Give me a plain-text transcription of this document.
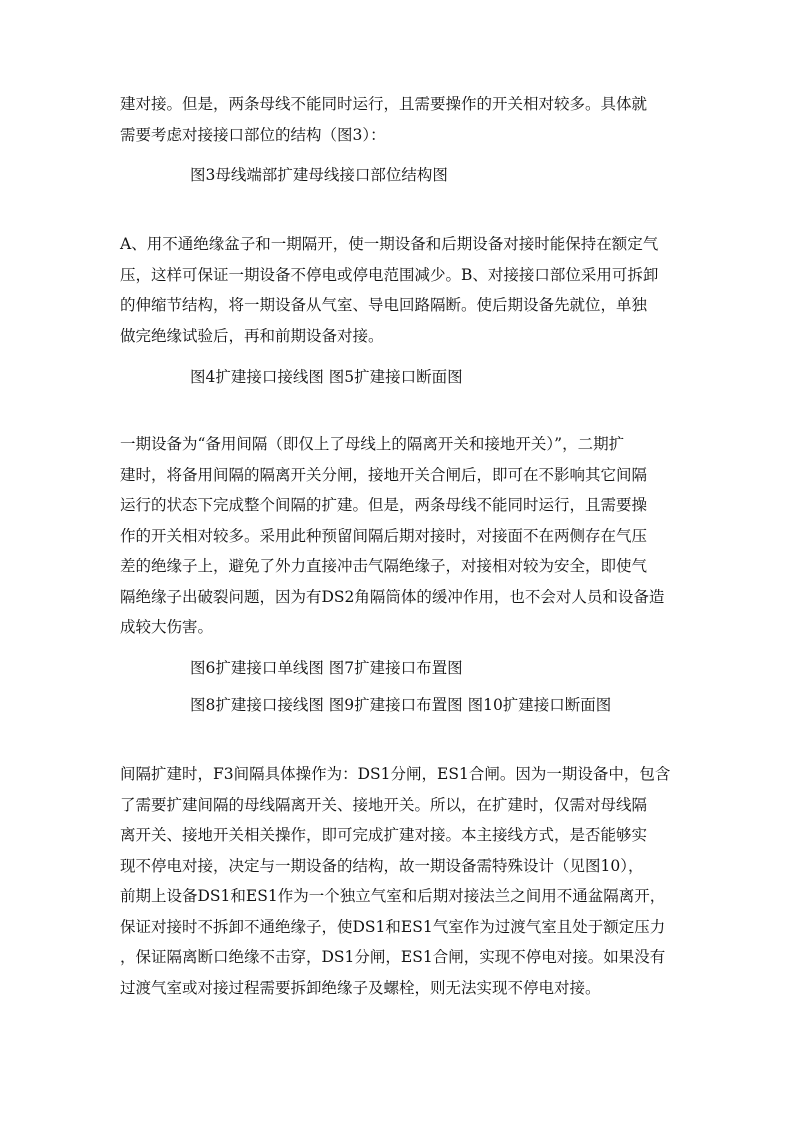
建对接。但是，两条母线不能同时运行，且需要操作的开关相对较多。具体就
需要考虑对接接口部位的结构（图3）：
图3母线端部扩建母线接口部位结构图
A、用不通绝缘盆子和一期隔开，使一期设备和后期设备对接时能保持在额定气
压，这样可保证一期设备不停电或停电范围减少。B、对接接口部位采用可拆卸
的伸缩节结构，将一期设备从气室、导电回路隔断。使后期设备先就位，单独
做完绝缘试验后，再和前期设备对接。
图4扩建接口接线图 图5扩建接口断面图
一期设备为“备用间隔（即仅上了母线上的隔离开关和接地开关）”，二期扩
建时，将备用间隔的隔离开关分闸，接地开关合闸后，即可在不影响其它间隔
运行的状态下完成整个间隔的扩建。但是，两条母线不能同时运行，且需要操
作的开关相对较多。采用此种预留间隔后期对接时，对接面不在两侧存在气压
差的绝缘子上，避免了外力直接冲击气隔绝缘子，对接相对较为安全，即使气
隔绝缘子出破裂问题，因为有DS2角隔筒体的缓冲作用，也不会对人员和设备造
成较大伤害。
图6扩建接口单线图 图7扩建接口布置图
图8扩建接口接线图 图9扩建接口布置图 图10扩建接口断面图
间隔扩建时，F3间隔具体操作为：DS1分闸，ES1合闸。因为一期设备中，包含
了需要扩建间隔的母线隔离开关、接地开关。所以，在扩建时，仅需对母线隔
离开关、接地开关相关操作，即可完成扩建对接。本主接线方式，是否能够实
现不停电对接，决定与一期设备的结构，故一期设备需特殊设计（见图10），
前期上设备DS1和ES1作为一个独立气室和后期对接法兰之间用不通盆隔离开，
保证对接时不拆卸不通绝缘子，使DS1和ES1气室作为过渡气室且处于额定压力
，保证隔离断口绝缘不击穿，DS1分闸，ES1合闸，实现不停电对接。如果没有
过渡气室或对接过程需要拆卸绝缘子及螺栓，则无法实现不停电对接。
